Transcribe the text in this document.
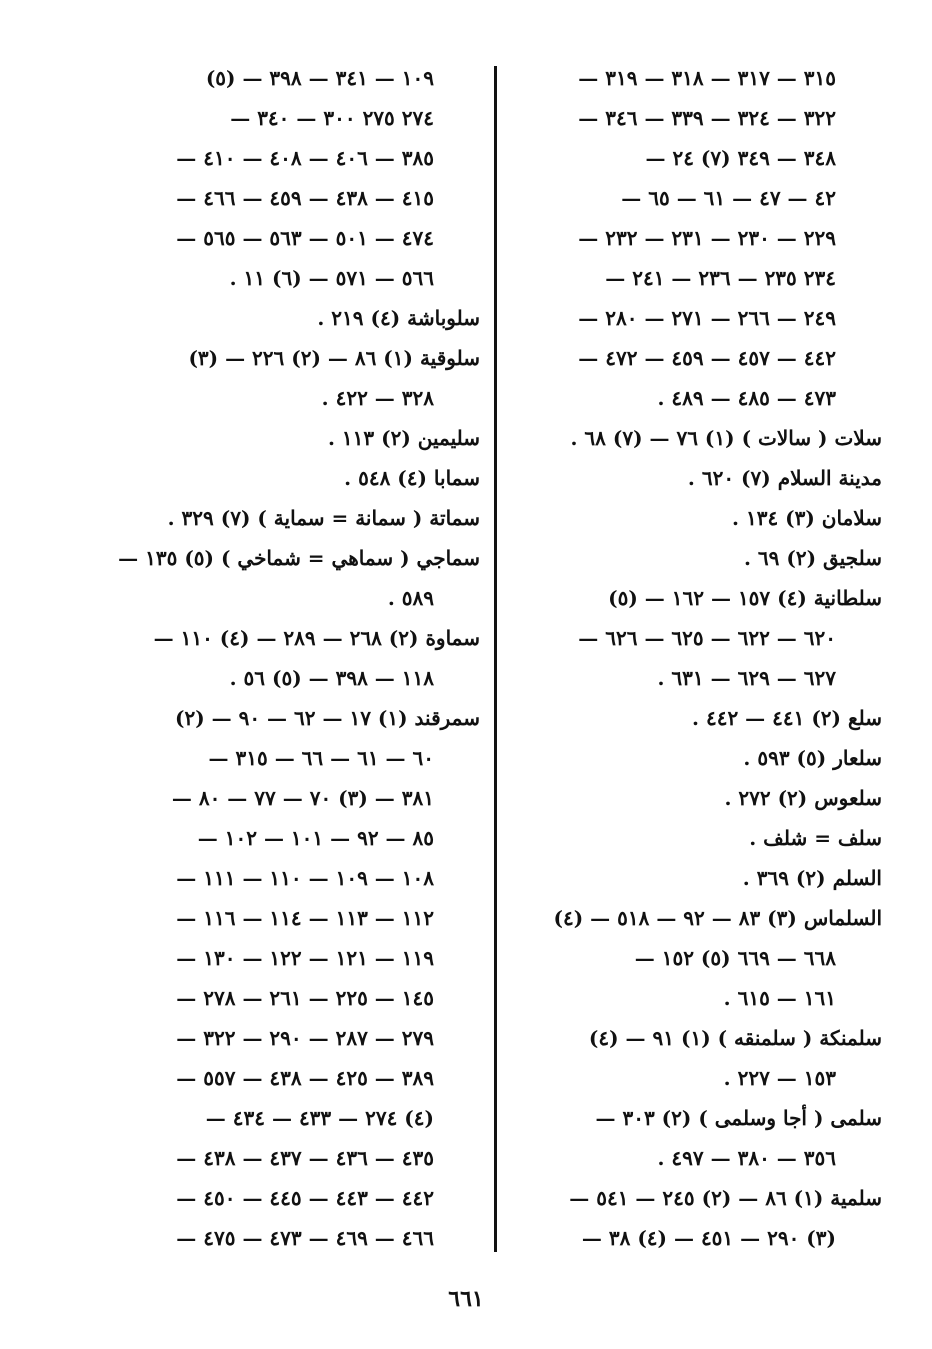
٣١٥ — ٣١٧ — ٣١٨ — ٣١٩ —
٣٢٢ — ٣٢٤ — ٣٣٩ — ٣٤٦ —
٣٤٨ — ٣٤٩ (٧) ٢٤ —
٤٢ — ٤٧ — ٦١ — ٦٥ —
٢٢٩ — ٢٣٠ — ٢٣١ — ٢٣٢ —
٢٣٤ ٢٣٥ — ٢٣٦ — ٢٤١ —
٢٤٩ — ٢٦٦ — ٢٧١ — ٢٨٠ —
٤٤٢ — ٤٥٧ — ٤٥٩ — ٤٧٢ —
٤٧٣ — ٤٨٥ — ٤٨٩ .
سلات ( سالات ) (١) ٧٦ — (٧) ٦٨ .
مدينة السلام (٧) ٦٢٠ .
سلامان (٣) ١٣٤ .
سلجيق (٢) ٦٩ .
سلطانية (٤) ١٥٧ — ١٦٢ — (٥)
٦٢٠ — ٦٢٢ — ٦٢٥ — ٦٢٦ —
٦٢٧ — ٦٢٩ — ٦٣١ .
سلع (٢) ٤٤١ — ٤٤٢ .
سلعار (٥) ٥٩٣ .
سلعوس (٢) ٢٧٢ .
سلف = شلف .
السلم (٢) ٣٦٩ .
السلماس (٣) ٨٣ — ٩٢ — ٥١٨ — (٤)
٦٦٨ — ٦٦٩ (٥) ١٥٢ —
١٦١ — ٦١٥ .
سلمنكة ( سلمنقه ) (١) ٩١ — (٤)
١٥٣ — ٢٢٧ .
سلمى ( أجا وسلمى ) (٢) ٣٠٣ —
٣٥٦ — ٣٨٠ — ٤٩٧ .
سلمية (١) ٨٦ — (٢) ٢٤٥ — ٥٤١ —
(٣) ٢٩٠ — ٤٥١ — (٤) ٣٨ —
١٠٩ — ٣٤١ — ٣٩٨ — (٥)
٢٧٤ ٢٧٥ ٣٠٠ — ٣٤٠ —
٣٨٥ — ٤٠٦ — ٤٠٨ — ٤١٠ —
٤١٥ — ٤٣٨ — ٤٥٩ — ٤٦٦ —
٤٧٤ — ٥٠١ — ٥٦٣ — ٥٦٥ —
٥٦٦ — ٥٧١ — (٦) ١١ .
سلوباشة (٤) ٢١٩ .
سلوقية (١) ٨٦ — (٢) ٢٢٦ — (٣)
٣٢٨ — ٤٢٢ .
سليمين (٢) ١١٣ .
سمابا (٤) ٥٤٨ .
سماتة ( سمانة = سماية ) (٧) ٣٢٩ .
سماجي ( سماهي = شماخي ) (٥) ١٣٥ —
٥٨٩ .
سماوة (٢) ٢٦٨ — ٢٨٩ — (٤) ١١٠ —
١١٨ — ٣٩٨ — (٥) ٥٦ .
سمرقند (١) ١٧ — ٦٢ — ٩٠ — (٢)
٦٠ — ٦١ — ٦٦ — ٣١٥ —
٣٨١ — (٣) ٧٠ — ٧٧ — ٨٠ —
٨٥ — ٩٢ — ١٠١ — ١٠٢ —
١٠٨ — ١٠٩ — ١١٠ — ١١١ —
١١٢ — ١١٣ — ١١٤ — ١١٦ —
١١٩ — ١٢١ — ١٢٢ — ١٣٠ —
١٤٥ — ٢٢٥ — ٢٦١ — ٢٧٨ —
٢٧٩ — ٢٨٧ — ٢٩٠ — ٣٢٢ —
٣٨٩ — ٤٢٥ — ٤٣٨ — ٥٥٧ —
(٤) ٢٧٤ — ٤٣٣ — ٤٣٤ —
٤٣٥ — ٤٣٦ — ٤٣٧ — ٤٣٨ —
٤٤٢ — ٤٤٣ — ٤٤٥ — ٤٥٠ —
٤٦٦ — ٤٦٩ — ٤٧٣ — ٤٧٥ —
٦٦١
